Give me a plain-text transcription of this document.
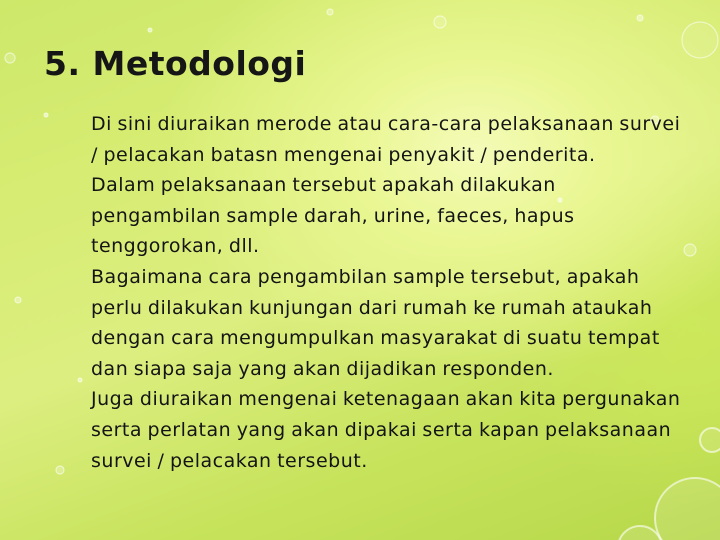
5. Metodologi

Di sini diuraikan merode atau cara-cara pelaksanaan survei / pelacakan batasn mengenai penyakit / penderita.

Dalam pelaksanaan tersebut apakah dilakukan pengambilan sample darah, urine, faeces, hapus tenggorokan, dll.

Bagaimana cara pengambilan sample tersebut, apakah perlu dilakukan kunjungan dari rumah ke rumah ataukah dengan cara mengumpulkan masyarakat di suatu tempat dan siapa saja yang akan dijadikan responden.

Juga diuraikan mengenai ketenagaan akan kita pergunakan serta perlatan yang akan dipakai serta kapan pelaksanaan survei / pelacakan tersebut.
